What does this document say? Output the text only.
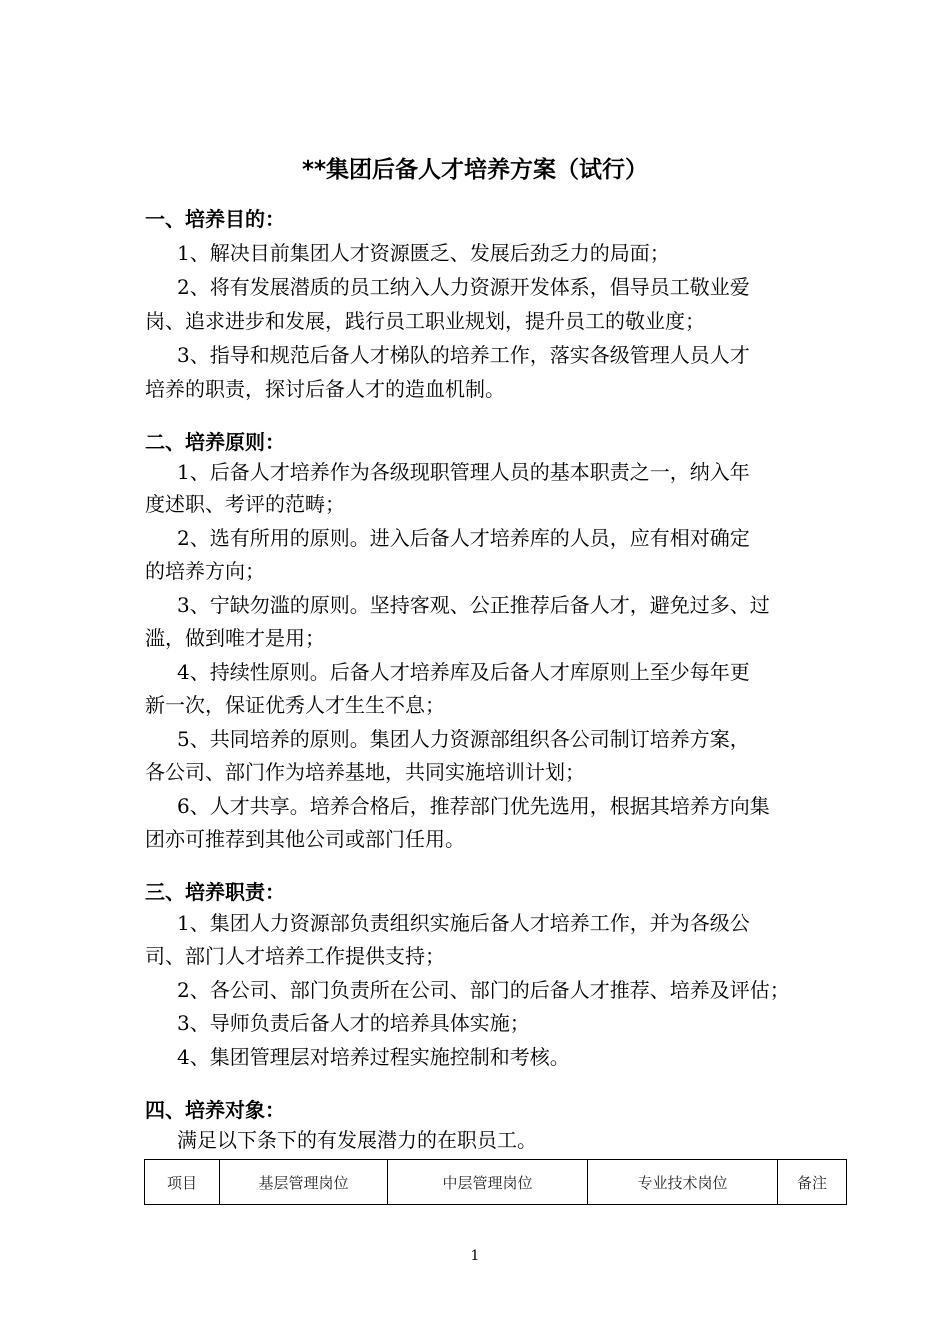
**集团后备人才培养方案（试行）
一、培养目的：
1、解决目前集团人才资源匮乏、发展后劲乏力的局面；
2、将有发展潜质的员工纳入人力资源开发体系，倡导员工敬业爱
岗、追求进步和发展，践行员工职业规划，提升员工的敬业度；
3、指导和规范后备人才梯队的培养工作，落实各级管理人员人才
培养的职责，探讨后备人才的造血机制。
二、培养原则：
1、后备人才培养作为各级现职管理人员的基本职责之一，纳入年
度述职、考评的范畴；
2、选有所用的原则。进入后备人才培养库的人员，应有相对确定
的培养方向；
3、宁缺勿滥的原则。坚持客观、公正推荐后备人才，避免过多、过
滥，做到唯才是用；
4、持续性原则。后备人才培养库及后备人才库原则上至少每年更
新一次，保证优秀人才生生不息；
5、共同培养的原则。集团人力资源部组织各公司制订培养方案，
各公司、部门作为培养基地，共同实施培训计划；
6、人才共享。培养合格后，推荐部门优先选用，根据其培养方向集
团亦可推荐到其他公司或部门任用。
三、培养职责：
1、集团人力资源部负责组织实施后备人才培养工作，并为各级公
司、部门人才培养工作提供支持；
2、各公司、部门负责所在公司、部门的后备人才推荐、培养及评估；
3、导师负责后备人才的培养具体实施；
4、集团管理层对培养过程实施控制和考核。
四、培养对象：
满足以下条下的有发展潜力的在职员工。
项目	基层管理岗位	中层管理岗位	专业技术岗位	备注
1
